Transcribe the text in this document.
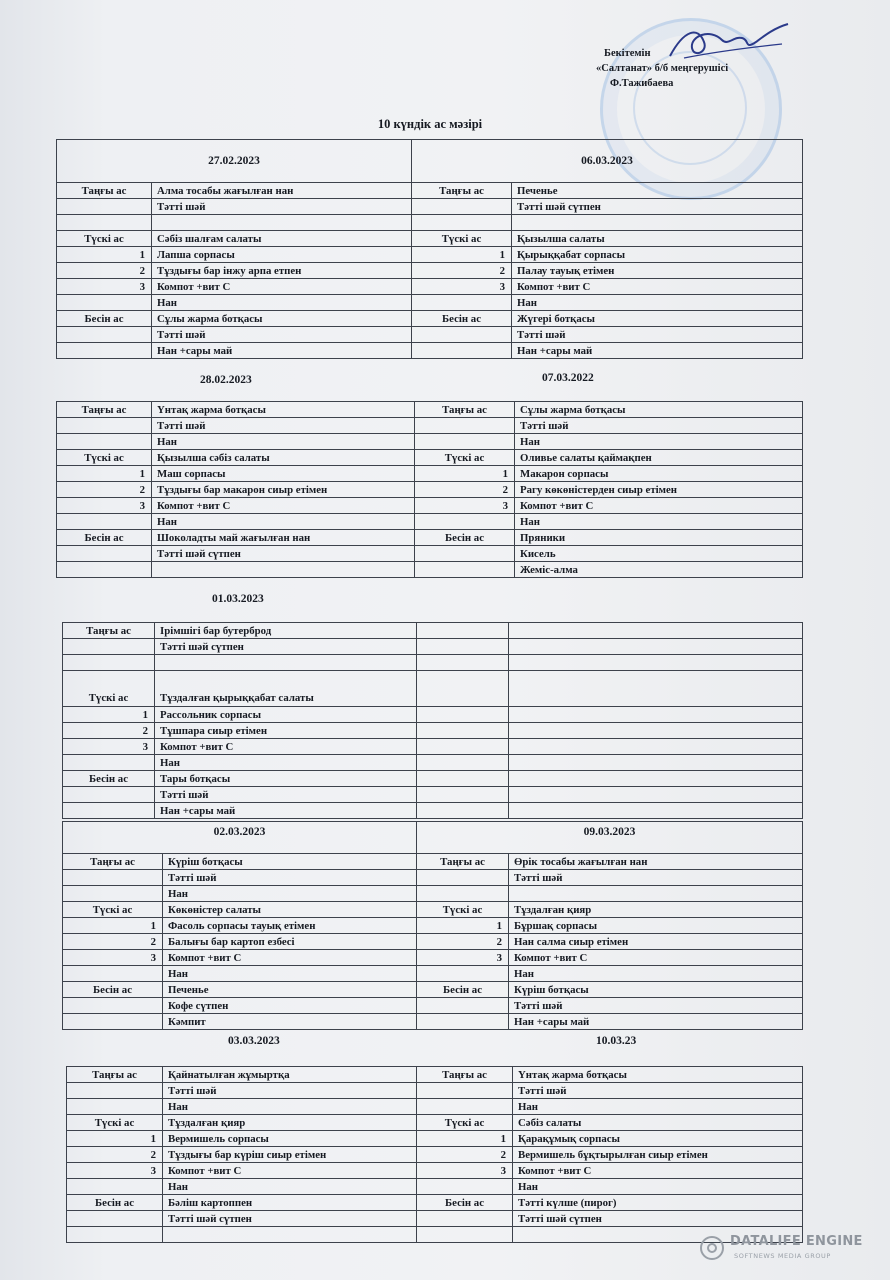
Бекітемін
«Салтанат» б/б меңгерушісі
Ф.Тажибаева
10 күндік ас мәзірі
27.02.2023		06.03.2023	
Таңғы ас	Алма тосабы жағылған нан	Таңғы ас	Печенье
	Тәтті шәй		Тәтті шәй сүтпен

Түскі ас	Сәбіз шалғам салаты	Түскі ас	Қызылша салаты
1	Лапша сорпасы	1	Қырыққабат сорпасы
2	Тұздығы бар інжу арпа етпен	2	Палау тауық етімен
3	Компот +вит С	3	Компот +вит С
	Нан		Нан
Бесін ас	Сұлы жарма ботқасы	Бесін ас	Жүгері ботқасы
	Тәтті шәй		Тәтті шәй
	Нан +сары май		Нан +сары май
28.02.2023	07.03.2022
Таңғы ас	Үнтақ жарма ботқасы	Таңғы ас	Сұлы жарма ботқасы
	Тәтті шәй		Тәтті шәй
	Нан		Нан
Түскі ас	Қызылша сәбіз салаты	Түскі ас	Оливье салаты қаймақпен
1	Маш сорпасы	1	Макарон сорпасы
2	Тұздығы бар макарон сиыр етімен	2	Рагу көкөністерден сиыр етімен
3	Компот +вит С	3	Компот +вит С
	Нан		Нан
Бесін ас	Шоколадты май жағылған нан	Бесін ас	Пряники
	Тәтті шәй сүтпен		Кисель
			Жеміс-алма
01.03.2023
Таңғы ас	Ірімшігі бар бутерброд		
	Тәтті шәй сүтпен		

Түскі ас	Тұздалған қырыққабат салаты		
1	Рассольник сорпасы		
2	Тұшпара сиыр етімен		
3	Компот +вит С		
	Нан		
Бесін ас	Тары ботқасы		
	Тәтті шәй		
	Нан +сары май		
02.03.2023		09.03.2023	
Таңғы ас	Күріш ботқасы	Таңғы ас	Өрік тосабы жағылған нан
	Тәтті шәй		Тәтті шәй
	Нан		
Түскі ас	Көкөністер салаты	Түскі ас	Тұздалған қияр
1	Фасоль сорпасы тауық етімен	1	Бұршақ сорпасы
2	Балығы бар картоп езбесі	2	Нан салма сиыр етімен
3	Компот +вит С	3	Компот +вит С
	Нан		Нан
Бесін ас	Печенье	Бесін ас	Күріш ботқасы
	Кофе сүтпен		Тәтті шәй
	Кәмпит		Нан +сары май
03.03.2023	10.03.23
Таңғы ас	Қайнатылған жұмыртқа	Таңғы ас	Үнтақ жарма ботқасы
	Тәтті шәй		Тәтті шәй
	Нан		Нан
Түскі ас	Тұздалған қияр	Түскі ас	Сәбіз салаты
1	Вермишель сорпасы	1	Қарақұмық сорпасы
2	Тұздығы бар күріш сиыр етімен	2	Вермишель бұқтырылған сиыр етімен
3	Компот +вит С	3	Компот +вит С
	Нан		Нан
Бесін ас	Бәліш картоппен	Бесін ас	Тәтті күлше (пирог)
	Тәтті шәй сүтпен		Тәтті шәй сүтпен

DATALIFE ENGINE
SOFTNEWS MEDIA GROUP
